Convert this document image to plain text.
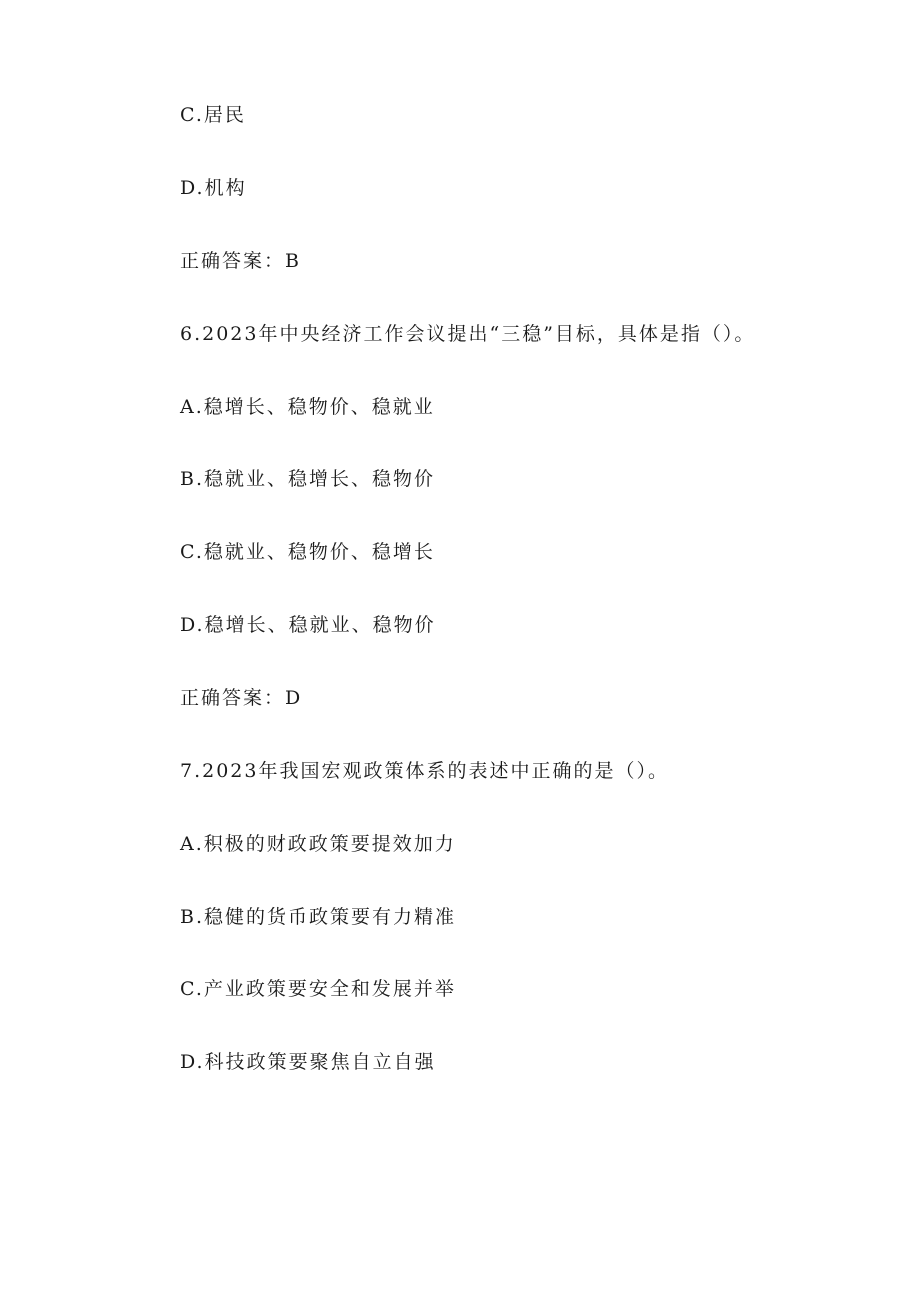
C.居民
D.机构
正确答案：B
6.2023年中央经济工作会议提出“三稳”目标，具体是指（）。
A.稳增长、稳物价、稳就业
B.稳就业、稳增长、稳物价
C.稳就业、稳物价、稳增长
D.稳增长、稳就业、稳物价
正确答案：D
7.2023年我国宏观政策体系的表述中正确的是（）。
A.积极的财政政策要提效加力
B.稳健的货币政策要有力精准
C.产业政策要安全和发展并举
D.科技政策要聚焦自立自强
